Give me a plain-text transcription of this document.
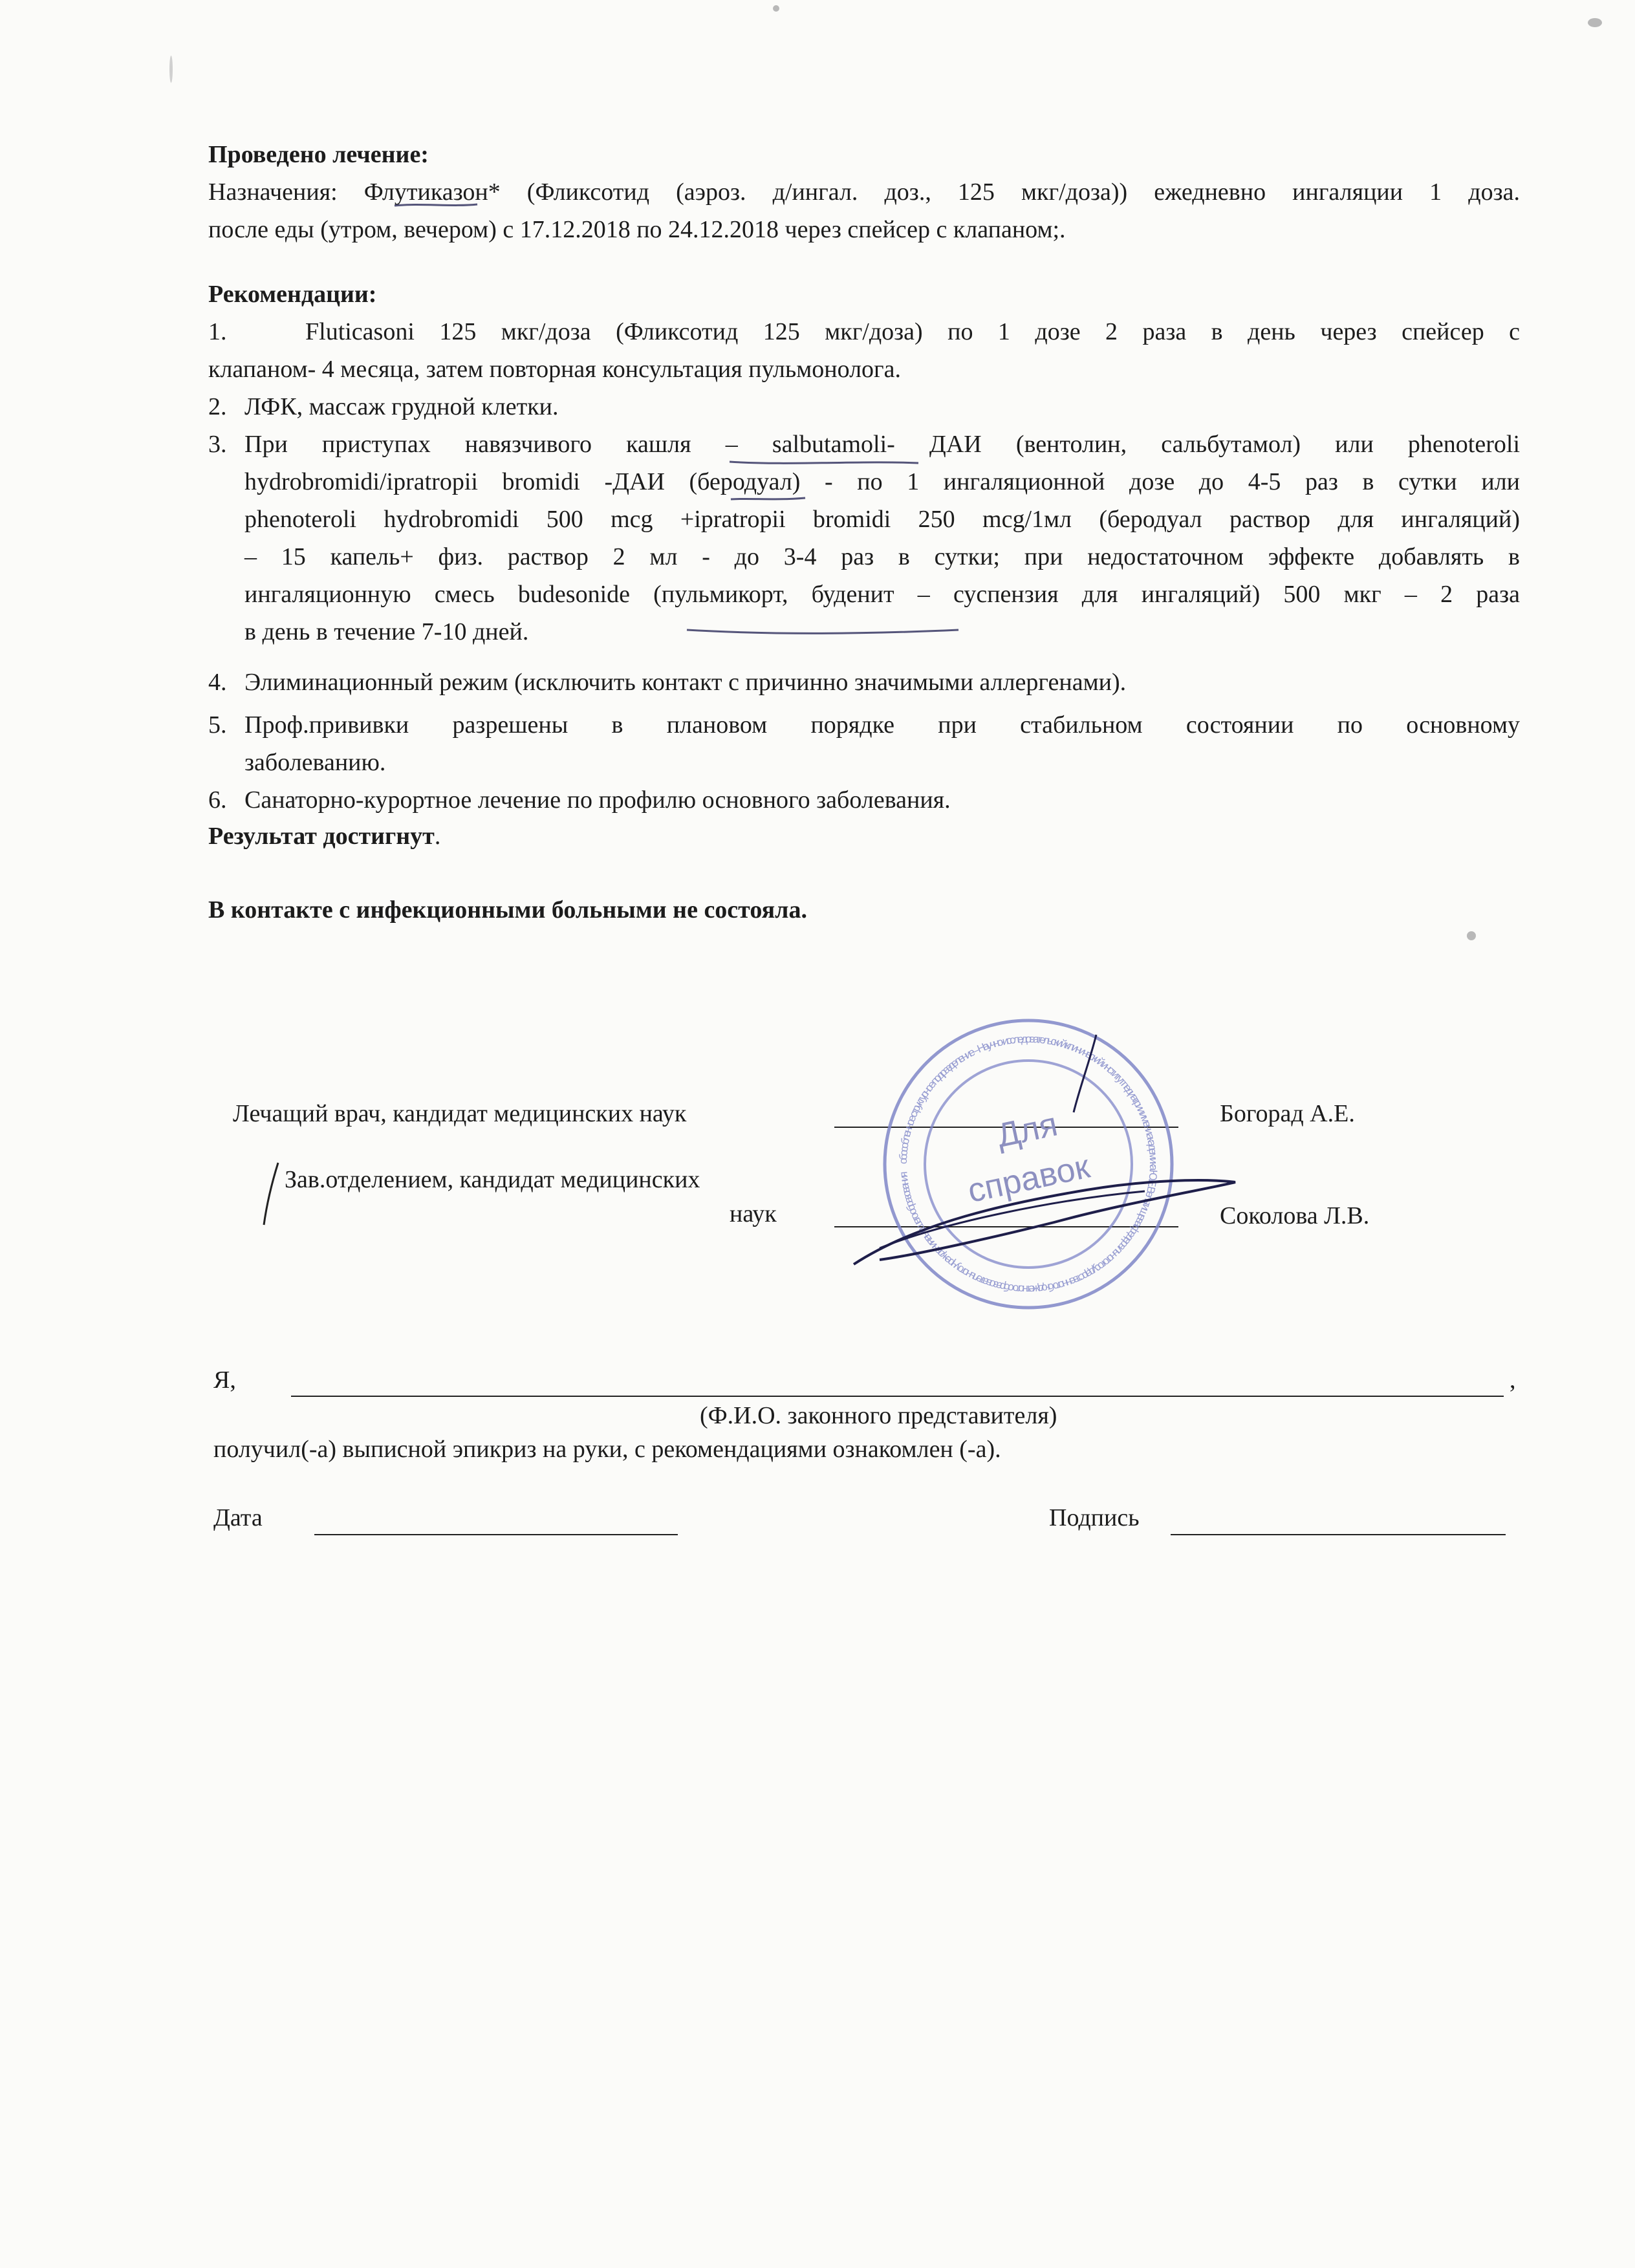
Проведено лечение:
Назначения: Флутиказон* (Фликсотид (аэроз. д/ингал. доз., 125 мкг/доза)) ежедневно ингаляции 1 доза.
после еды (утром, вечером) с 17.12.2018 по 24.12.2018 через спейсер с клапаном;.
Рекомендации:
1.	Fluticasoni 125 мкг/доза (Фликсотид 125 мкг/доза) по 1 дозе 2 раза в день через спейсер с
клапаном- 4 месяца, затем повторная консультация пульмонолога.
2. ЛФК, массаж грудной клетки.
3. При приступах навязчивого кашля – salbutamoli- ДАИ (вентолин, сальбутамол) или phenoteroli
hydrobromidi/ipratropii bromidi -ДАИ (беродуал) - по 1 ингаляционной дозе до 4-5 раз в сутки или
phenoteroli hydrobromidi 500 mcg +ipratropii bromidi 250 mcg/1мл (беродуал раствор для ингаляций)
– 15 капель+ физ. раствор 2 мл - до 3-4 раз в сутки; при недостаточном эффекте добавлять в
ингаляционную смесь budesonide (пульмикорт, буденит – суспензия для ингаляций) 500 мкг – 2 раза
в день в течение 7-10 дней.
4. Элиминационный режим (исключить контакт с причинно значимыми аллергенами).
5. Проф.прививки разрешены в плановом порядке при стабильном состоянии по основному
заболеванию.
6. Санаторно-курортное лечение по профилю основного заболевания.
Результат достигнут.
В контакте с инфекционными больными не состояла.
Лечащий врач, кандидат медицинских наук	Богорад А.Е.
Зав.отделением, кандидат медицинских
наук	Соколова Л.В.
обособленное структурное подразделение – Научно-исследовательский клинический институт педиатрии имени академика Ю.Е. Вельтищева федерального государственного бюджетного образовательного учреждения высшего образования
Для
справок
Я,	,
(Ф.И.О. законного представителя)
получил(-а) выписной эпикриз на руки, с рекомендациями ознакомлен (-а).
Дата	Подпись
